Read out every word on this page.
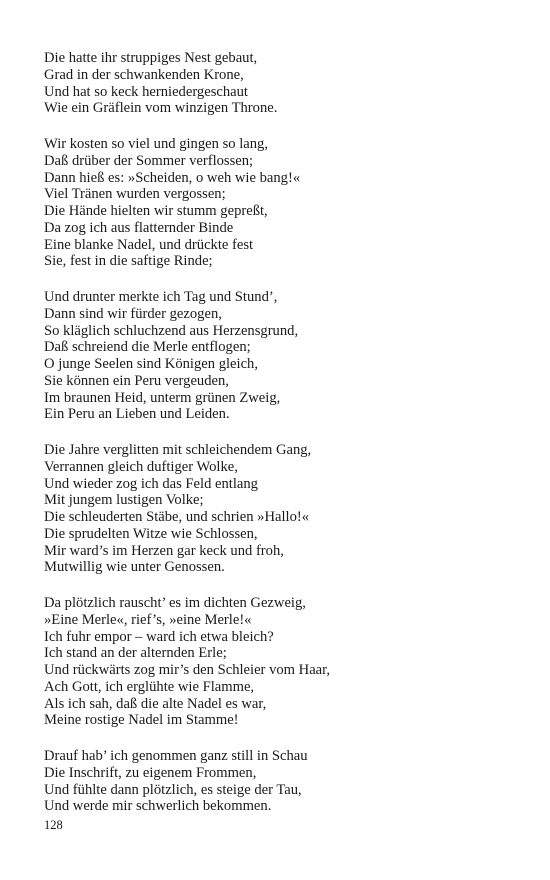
Die hatte ihr struppiges Nest gebaut,
Grad in der schwankenden Krone,
Und hat so keck herniedergeschaut
Wie ein Gräflein vom winzigen Throne.
Wir kosten so viel und gingen so lang,
Daß drüber der Sommer verflossen;
Dann hieß es: »Scheiden, o weh wie bang!«
Viel Tränen wurden vergossen;
Die Hände hielten wir stumm gepreßt,
Da zog ich aus flatternder Binde
Eine blanke Nadel, und drückte fest
Sie, fest in die saftige Rinde;
Und drunter merkte ich Tag und Stund’,
Dann sind wir fürder gezogen,
So kläglich schluchzend aus Herzensgrund,
Daß schreiend die Merle entflogen;
O junge Seelen sind Königen gleich,
Sie können ein Peru vergeuden,
Im braunen Heid, unterm grünen Zweig,
Ein Peru an Lieben und Leiden.
Die Jahre verglitten mit schleichendem Gang,
Verrannen gleich duftiger Wolke,
Und wieder zog ich das Feld entlang
Mit jungem lustigen Volke;
Die schleuderten Stäbe, und schrien »Hallo!«
Die sprudelten Witze wie Schlossen,
Mir ward’s im Herzen gar keck und froh,
Mutwillig wie unter Genossen.
Da plötzlich rauscht’ es im dichten Gezweig,
»Eine Merle«, rief’s, »eine Merle!«
Ich fuhr empor – ward ich etwa bleich?
Ich stand an der alternden Erle;
Und rückwärts zog mir’s den Schleier vom Haar,
Ach Gott, ich erglühte wie Flamme,
Als ich sah, daß die alte Nadel es war,
Meine rostige Nadel im Stamme!
Drauf hab’ ich genommen ganz still in Schau
Die Inschrift, zu eigenem Frommen,
Und fühlte dann plötzlich, es steige der Tau,
Und werde mir schwerlich bekommen.
128
